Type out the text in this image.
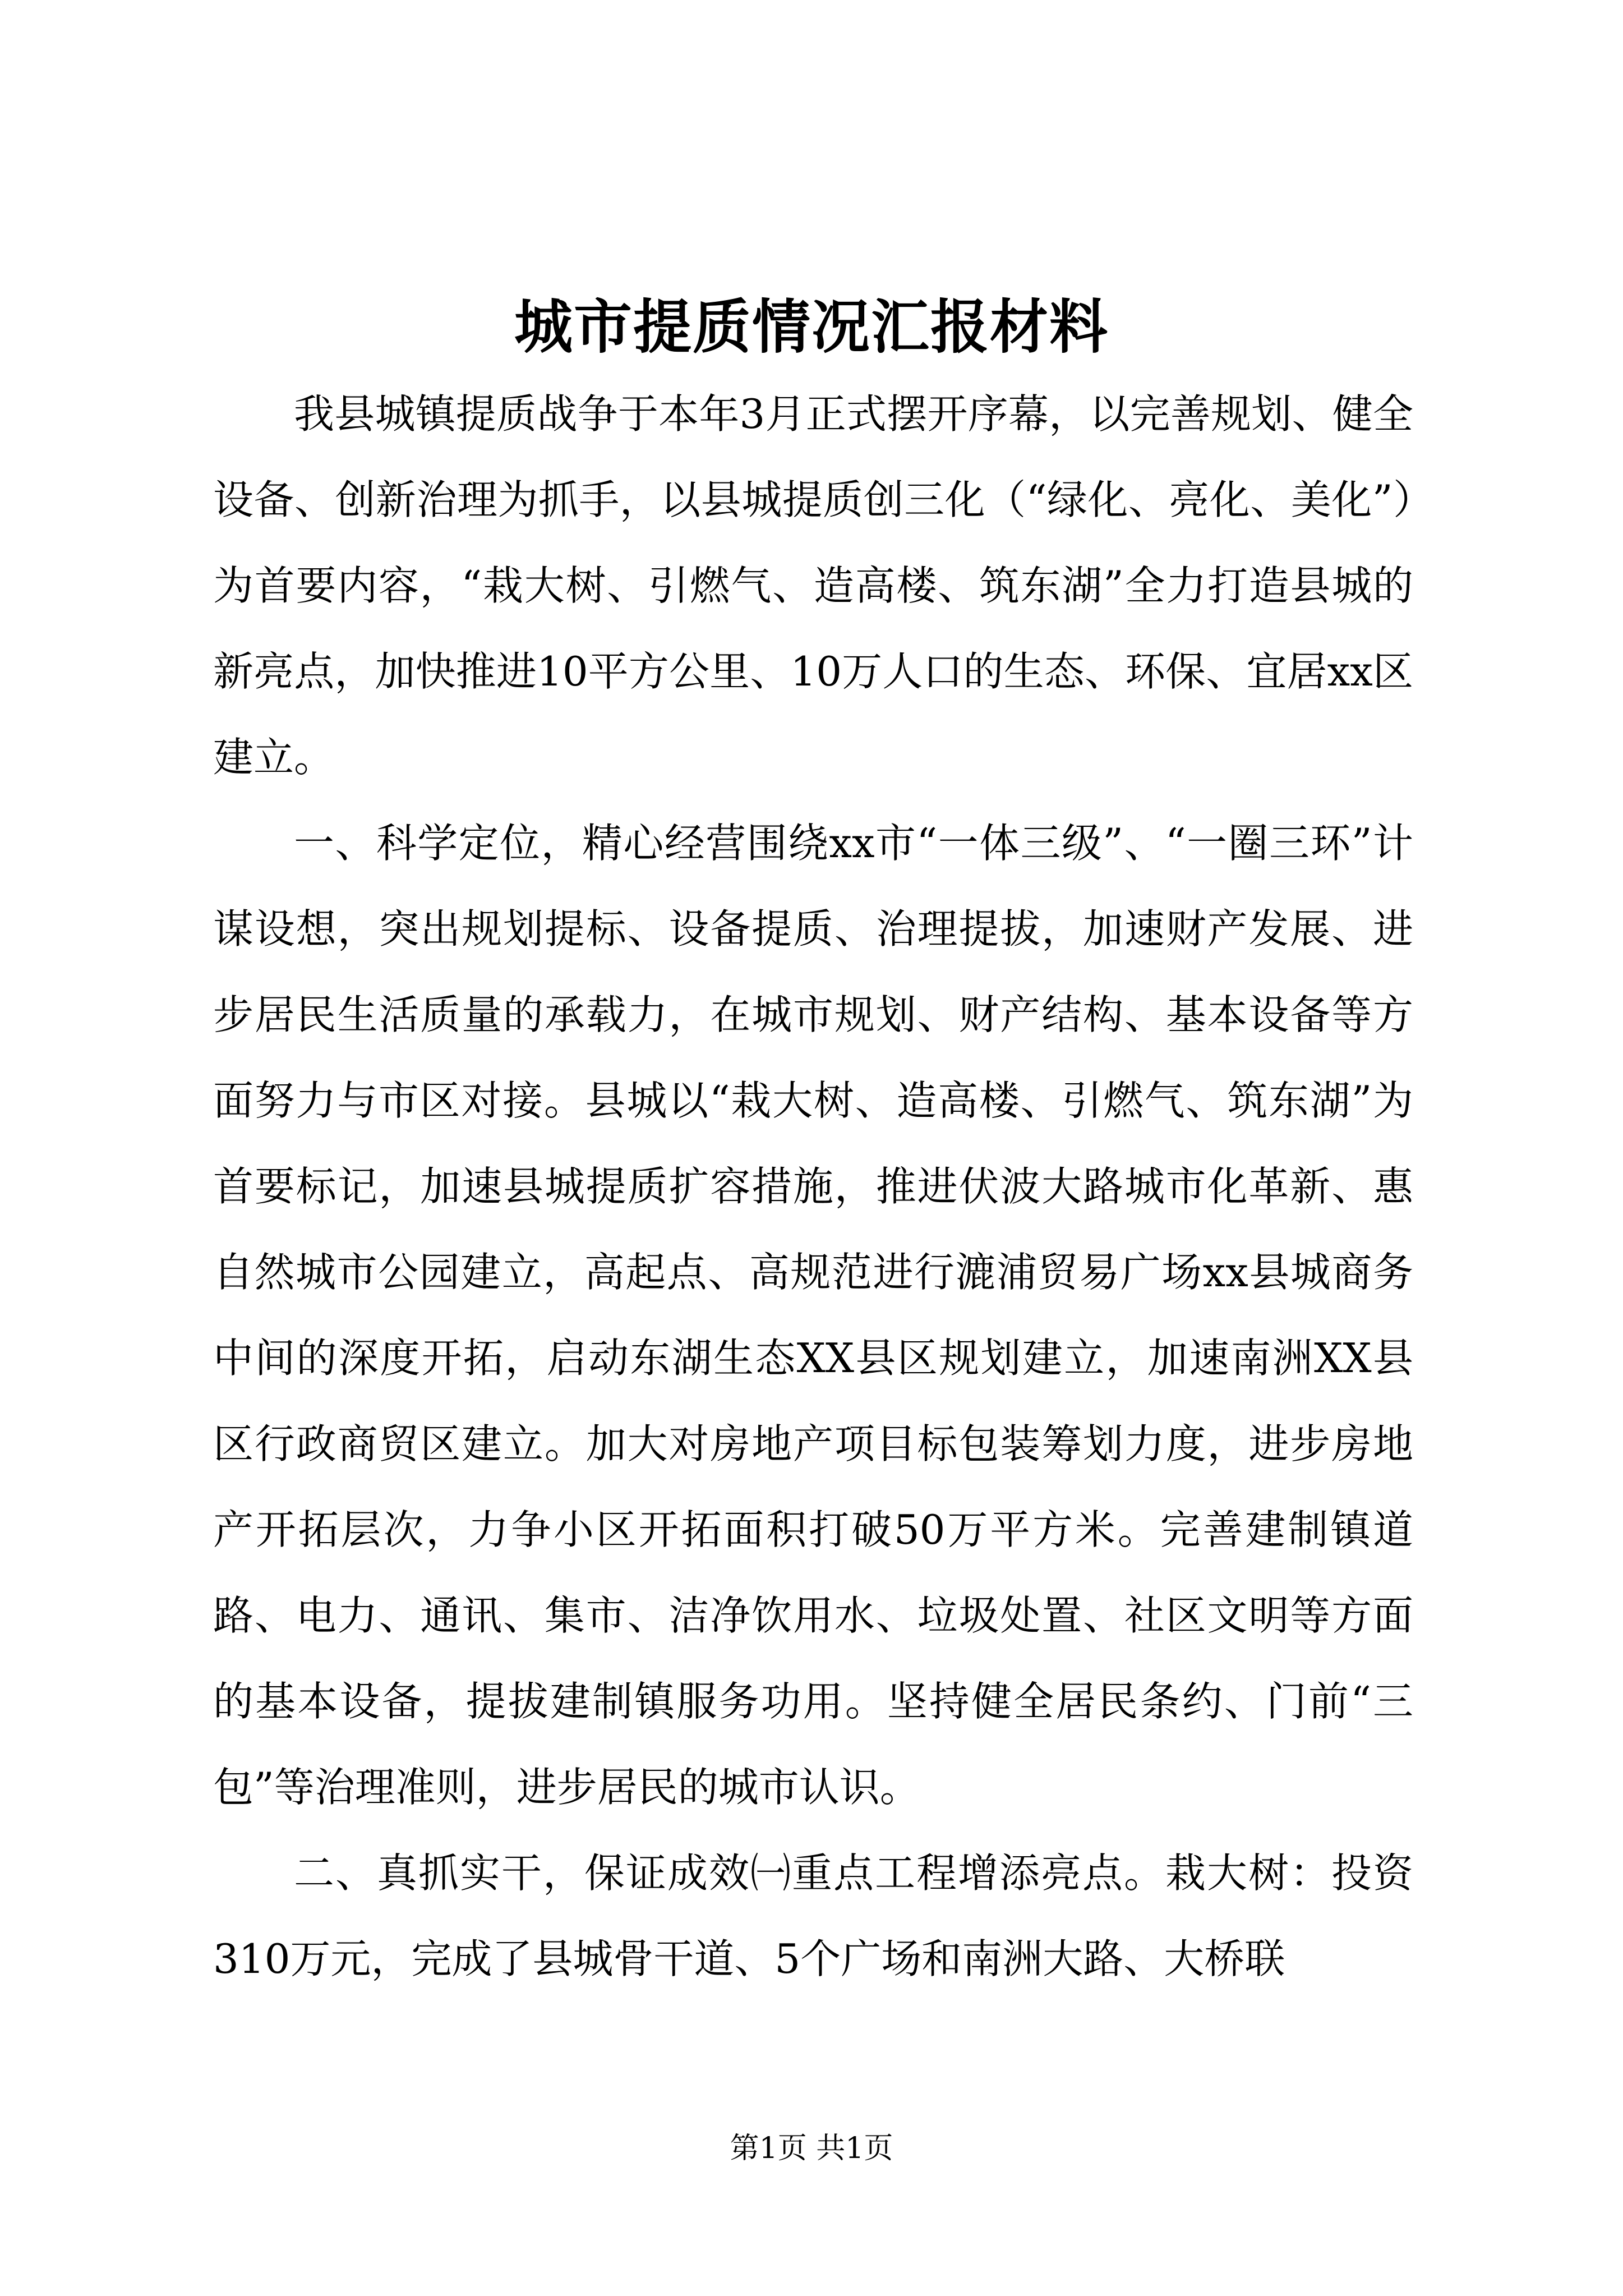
城市提质情况汇报材料

我县城镇提质战争于本年3月正式摆开序幕，以完善规划、健全设备、创新治理为抓手，以县城提质创三化（“绿化、亮化、美化”）为首要内容，“栽大树、引燃气、造高楼、筑东湖”全力打造县城的新亮点，加快推进10平方公里、10万人口的生态、环保、宜居xx区建立。

一、科学定位，精心经营围绕xx市“一体三级”、“一圈三环”计谋设想，突出规划提标、设备提质、治理提拔，加速财产发展、进步居民生活质量的承载力，在城市规划、财产结构、基本设备等方面努力与市区对接。县城以“栽大树、造高楼、引燃气、筑东湖”为首要标记，加速县城提质扩容措施，推进伏波大路城市化革新、惠自然城市公园建立，高起点、高规范进行漉浦贸易广场xx县城商务中间的深度开拓，启动东湖生态XX县区规划建立，加速南洲XX县区行政商贸区建立。加大对房地产项目标包装筹划力度，进步房地产开拓层次，力争小区开拓面积打破50万平方米。完善建制镇道路、电力、通讯、集市、洁净饮用水、垃圾处置、社区文明等方面的基本设备，提拔建制镇服务功用。坚持健全居民条约、门前“三包”等治理准则，进步居民的城市认识。

二、真抓实干，保证成效㈠重点工程增添亮点。栽大树：投资310万元，完成了县城骨干道、5个广场和南洲大路、大桥联

第1页 共1页
